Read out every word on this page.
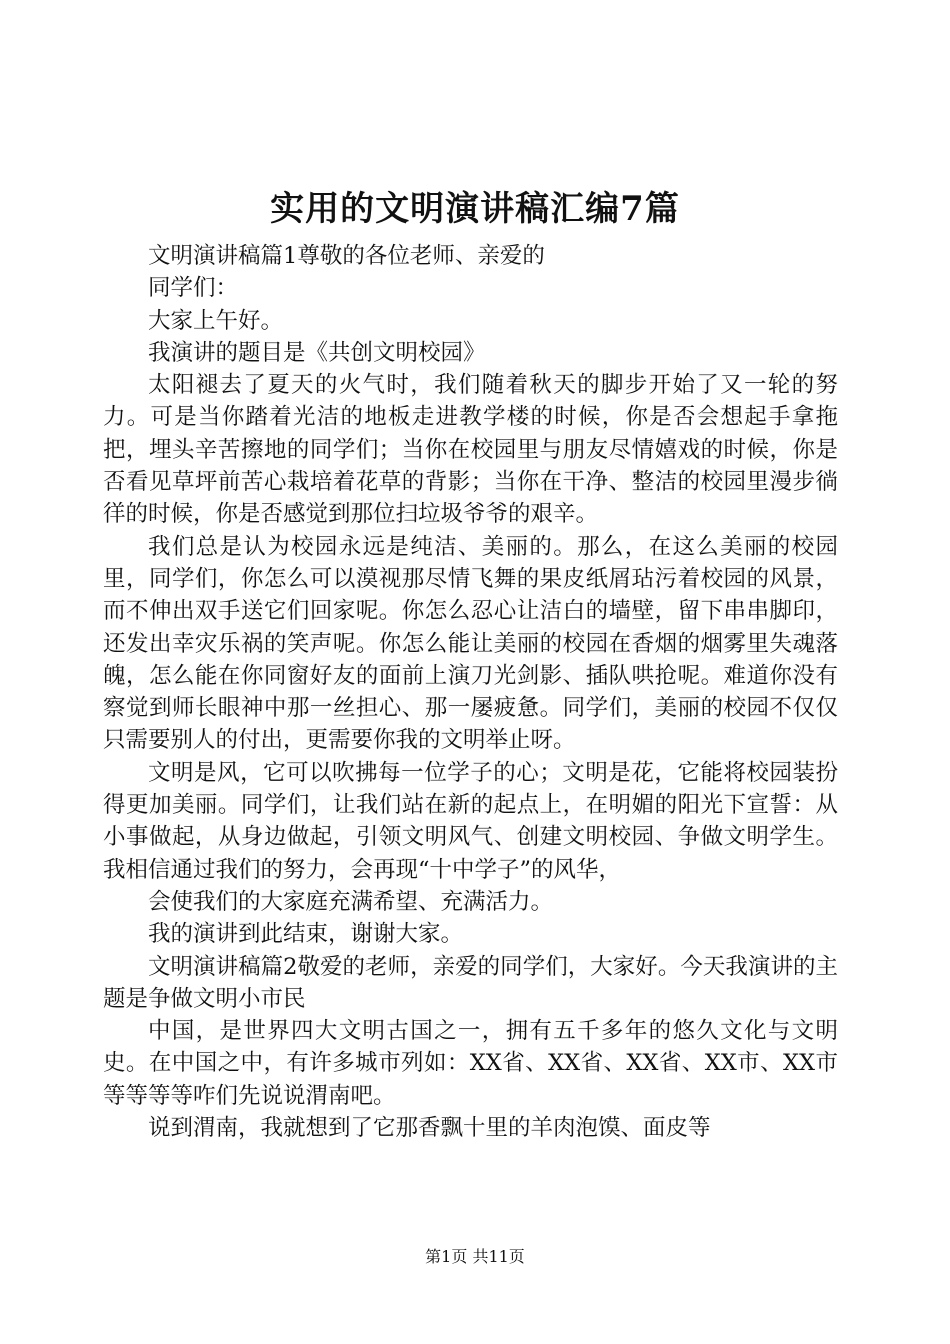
实用的文明演讲稿汇编7篇

文明演讲稿篇1尊敬的各位老师、亲爱的

同学们：

大家上午好。

我演讲的题目是《共创文明校园》

太阳褪去了夏天的火气时，我们随着秋天的脚步开始了又一轮的努力。可是当你踏着光洁的地板走进教学楼的时候，你是否会想起手拿拖把，埋头辛苦擦地的同学们；当你在校园里与朋友尽情嬉戏的时候，你是否看见草坪前苦心栽培着花草的背影；当你在干净、整洁的校园里漫步徜徉的时候，你是否感觉到那位扫垃圾爷爷的艰辛。

我们总是认为校园永远是纯洁、美丽的。那么，在这么美丽的校园里，同学们，你怎么可以漠视那尽情飞舞的果皮纸屑玷污着校园的风景，而不伸出双手送它们回家呢。你怎么忍心让洁白的墙壁，留下串串脚印，还发出幸灾乐祸的笑声呢。你怎么能让美丽的校园在香烟的烟雾里失魂落魄，怎么能在你同窗好友的面前上演刀光剑影、插队哄抢呢。难道你没有察觉到师长眼神中那一丝担心、那一屡疲惫。同学们，美丽的校园不仅仅只需要别人的付出，更需要你我的文明举止呀。

文明是风，它可以吹拂每一位学子的心；文明是花，它能将校园装扮得更加美丽。同学们，让我们站在新的起点上，在明媚的阳光下宣誓：从小事做起，从身边做起，引领文明风气、创建文明校园、争做文明学生。我相信通过我们的努力，会再现“十中学子”的风华，

会使我们的大家庭充满希望、充满活力。

我的演讲到此结束，谢谢大家。

文明演讲稿篇2敬爱的老师，亲爱的同学们，大家好。今天我演讲的主题是争做文明小市民

中国，是世界四大文明古国之一，拥有五千多年的悠久文化与文明史。在中国之中，有许多城市列如：XX省、XX省、XX省、XX市、XX市等等等等咋们先说说渭南吧。

说到渭南，我就想到了它那香飘十里的羊肉泡馍、面皮等

第1页 共11页
